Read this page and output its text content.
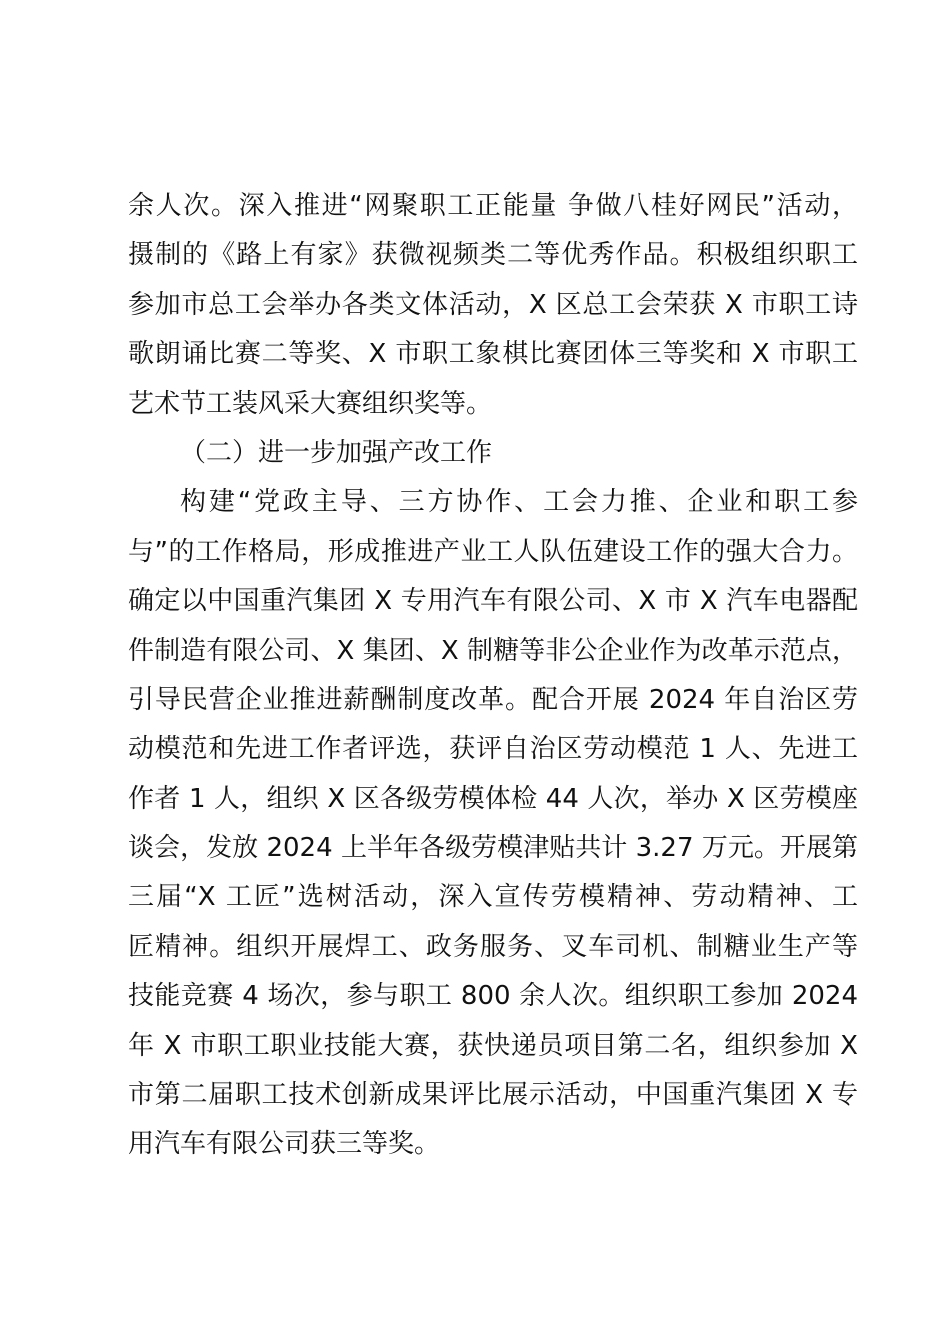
余人次。深入推进“网聚职工正能量 争做八桂好网民”活动，
摄制的《路上有家》获微视频类二等优秀作品。积极组织职工
参加市总工会举办各类文体活动，X 区总工会荣获 X 市职工诗
歌朗诵比赛二等奖、X 市职工象棋比赛团体三等奖和 X 市职工
艺术节工装风采大赛组织奖等。
（二）进一步加强产改工作
构建“党政主导、三方协作、工会力推、企业和职工参
与”的工作格局，形成推进产业工人队伍建设工作的强大合力。
确定以中国重汽集团 X 专用汽车有限公司、X 市 X 汽车电器配
件制造有限公司、X 集团、X 制糖等非公企业作为改革示范点，
引导民营企业推进薪酬制度改革。配合开展 2024 年自治区劳
动模范和先进工作者评选，获评自治区劳动模范 1 人、先进工
作者 1 人，组织 X 区各级劳模体检 44 人次，举办 X 区劳模座
谈会，发放 2024 上半年各级劳模津贴共计 3.27 万元。开展第
三届“X 工匠”选树活动，深入宣传劳模精神、劳动精神、工
匠精神。组织开展焊工、政务服务、叉车司机、制糖业生产等
技能竞赛 4 场次，参与职工 800 余人次。组织职工参加 2024
年 X 市职工职业技能大赛，获快递员项目第二名，组织参加 X
市第二届职工技术创新成果评比展示活动，中国重汽集团 X 专
用汽车有限公司获三等奖。
